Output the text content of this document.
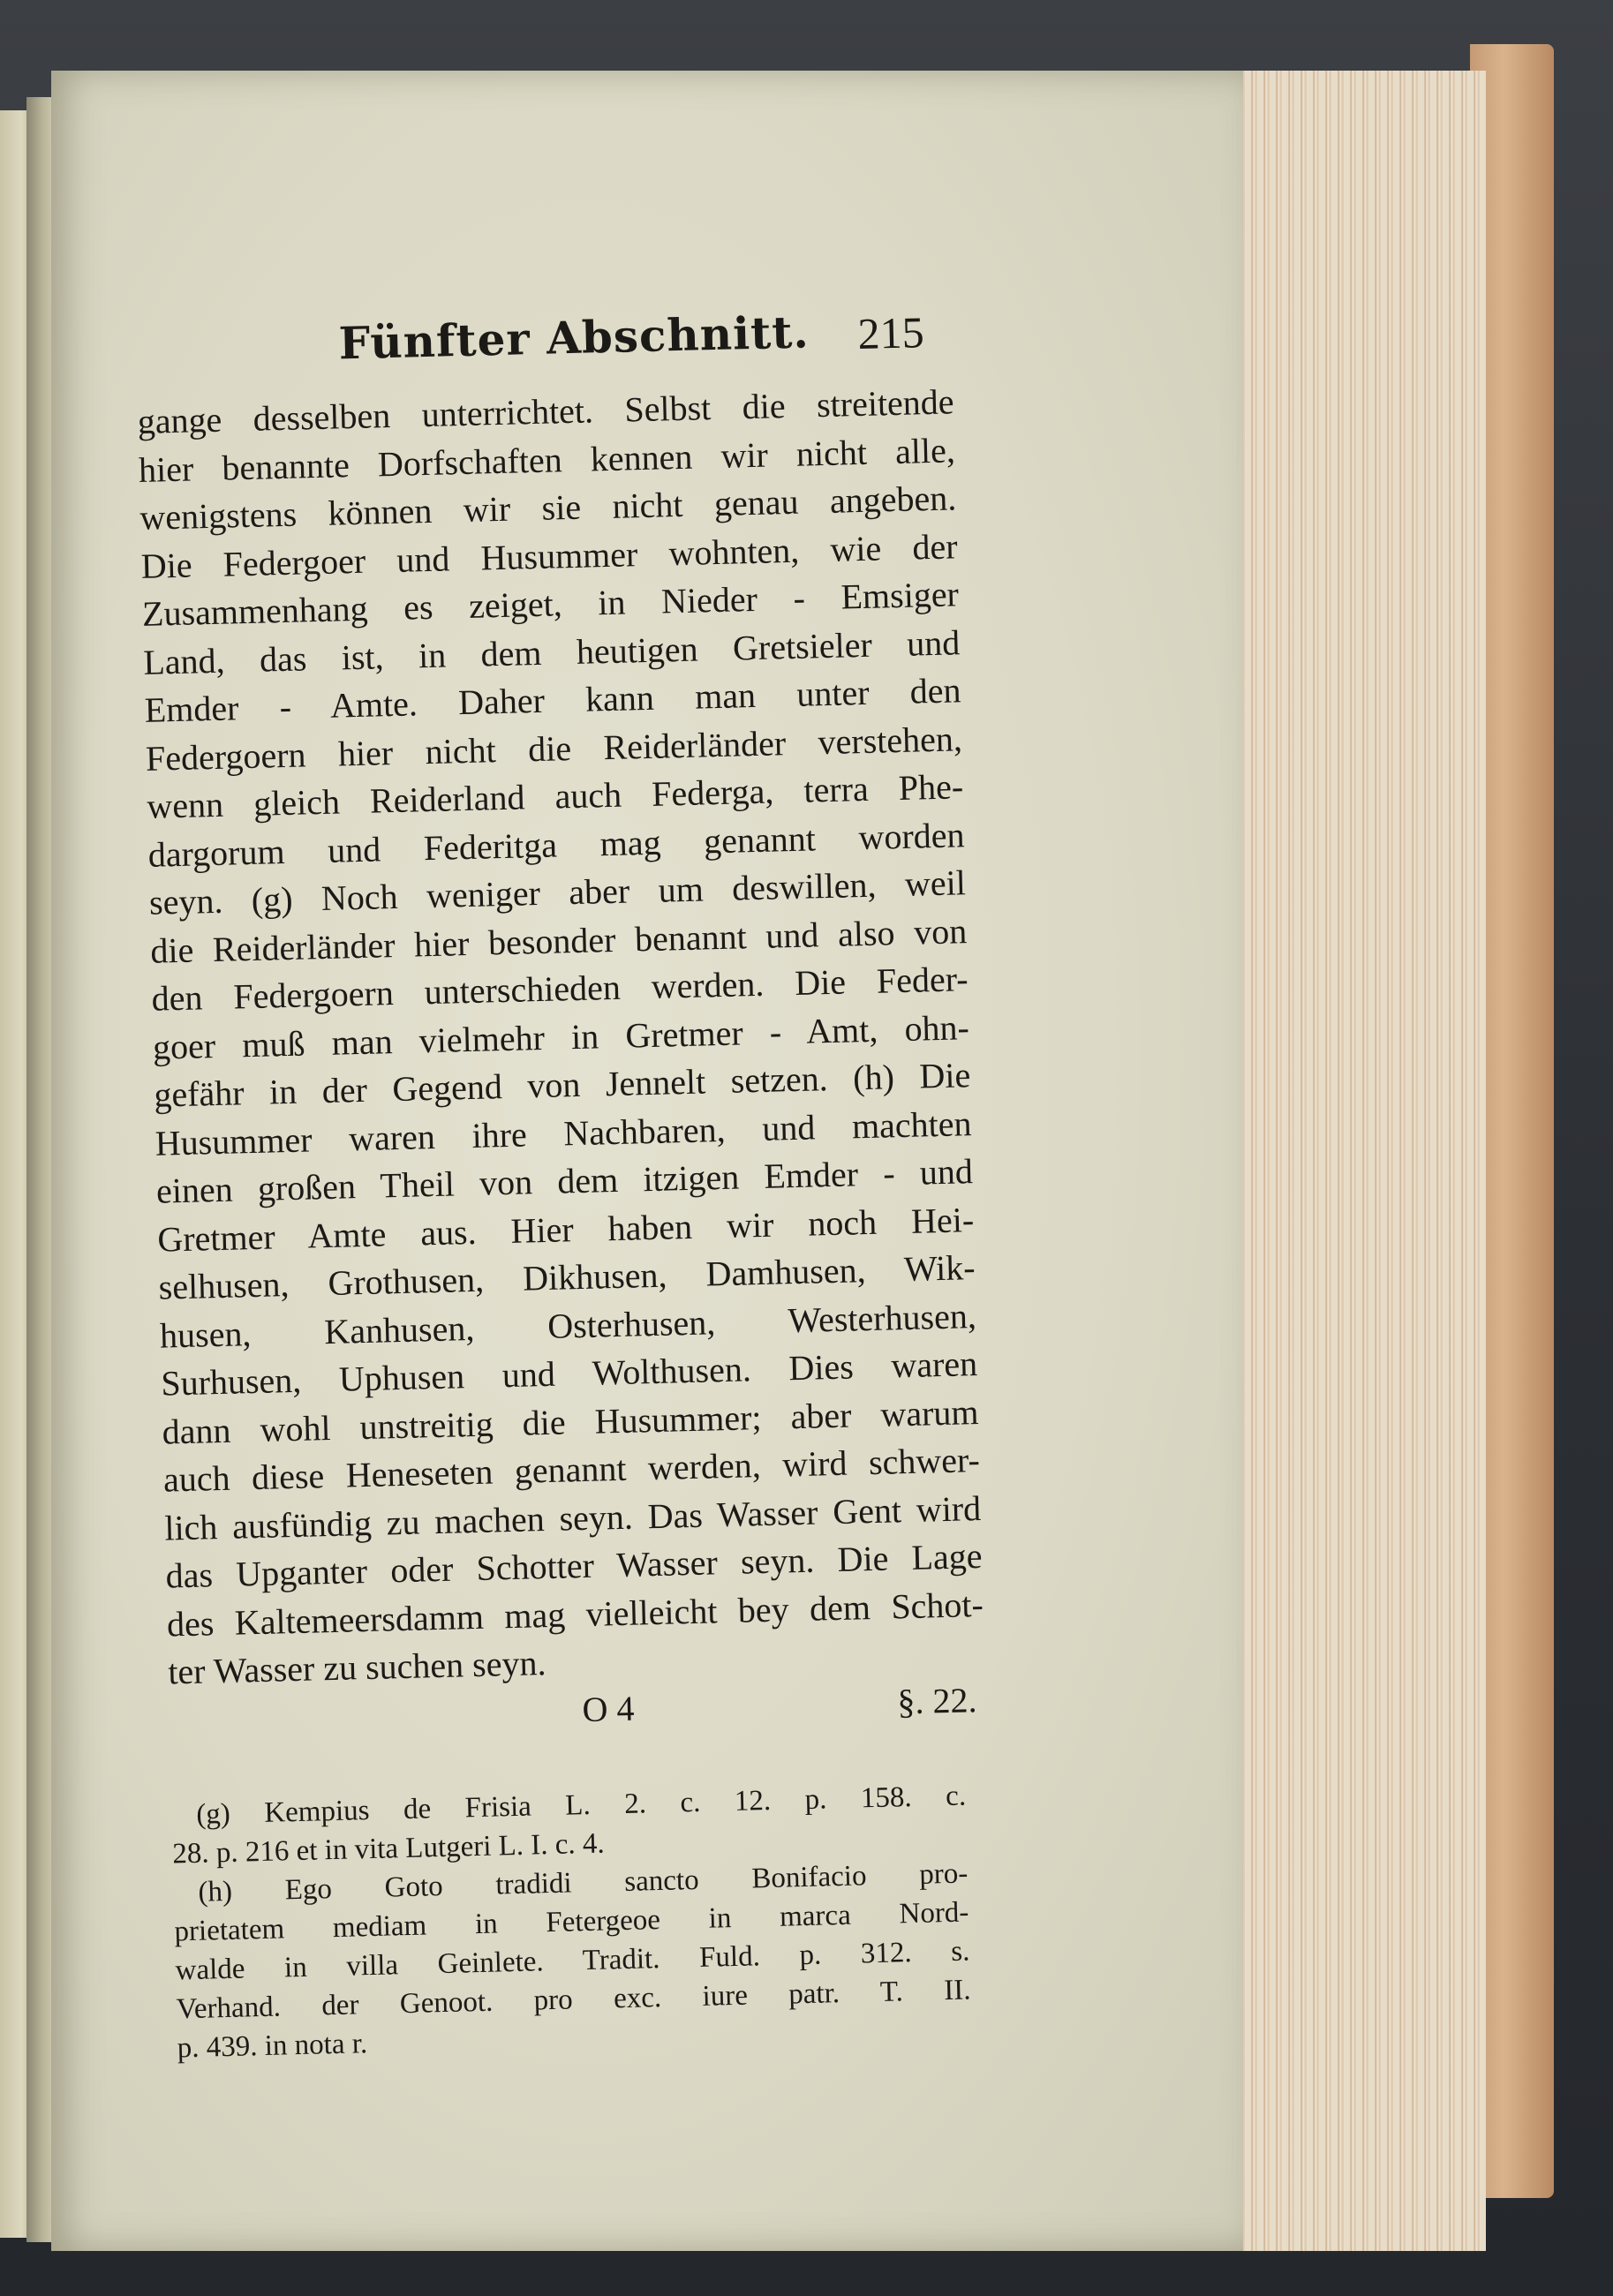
Fünfter Abschnitt. 215
gange desselben unterrichtet. Selbst die streitende
hier benannte Dorfschaften kennen wir nicht alle,
wenigstens können wir sie nicht genau angeben.
Die Federgoer und Husummer wohnten, wie der
Zusammenhang es zeiget, in Nieder - Emsiger
Land, das ist, in dem heutigen Gretsieler und
Emder - Amte. Daher kann man unter den
Federgoern hier nicht die Reiderländer verstehen,
wenn gleich Reiderland auch Federga, terra Phe-
dargorum und Federitga mag genannt worden
seyn. (g) Noch weniger aber um deswillen, weil
die Reiderländer hier besonder benannt und also von
den Federgoern unterschieden werden. Die Feder-
goer muß man vielmehr in Gretmer - Amt, ohn-
gefähr in der Gegend von Jennelt setzen. (h) Die
Husummer waren ihre Nachbaren, und machten
einen großen Theil von dem itzigen Emder - und
Gretmer Amte aus. Hier haben wir noch Hei-
selhusen, Grothusen, Dikhusen, Damhusen, Wik-
husen, Kanhusen, Osterhusen, Westerhusen,
Surhusen, Uphusen und Wolthusen. Dies waren
dann wohl unstreitig die Husummer; aber warum
auch diese Heneseten genannt werden, wird schwer-
lich ausfündig zu machen seyn. Das Wasser Gent wird
das Upganter oder Schotter Wasser seyn. Die Lage
des Kaltemeersdamm mag vielleicht bey dem Schot-
ter Wasser zu suchen seyn.
O 4	§. 22.
(g) Kempius de Frisia L. 2. c. 12. p. 158. c.
28. p. 216 et in vita Lutgeri L. I. c. 4.
(h) Ego Goto tradidi sancto Bonifacio pro-
prietatem mediam in Fetergeoe in marca Nord-
walde in villa Geinlete. Tradit. Fuld. p. 312. s.
Verhand. der Genoot. pro exc. iure patr. T. II.
p. 439. in nota r.
